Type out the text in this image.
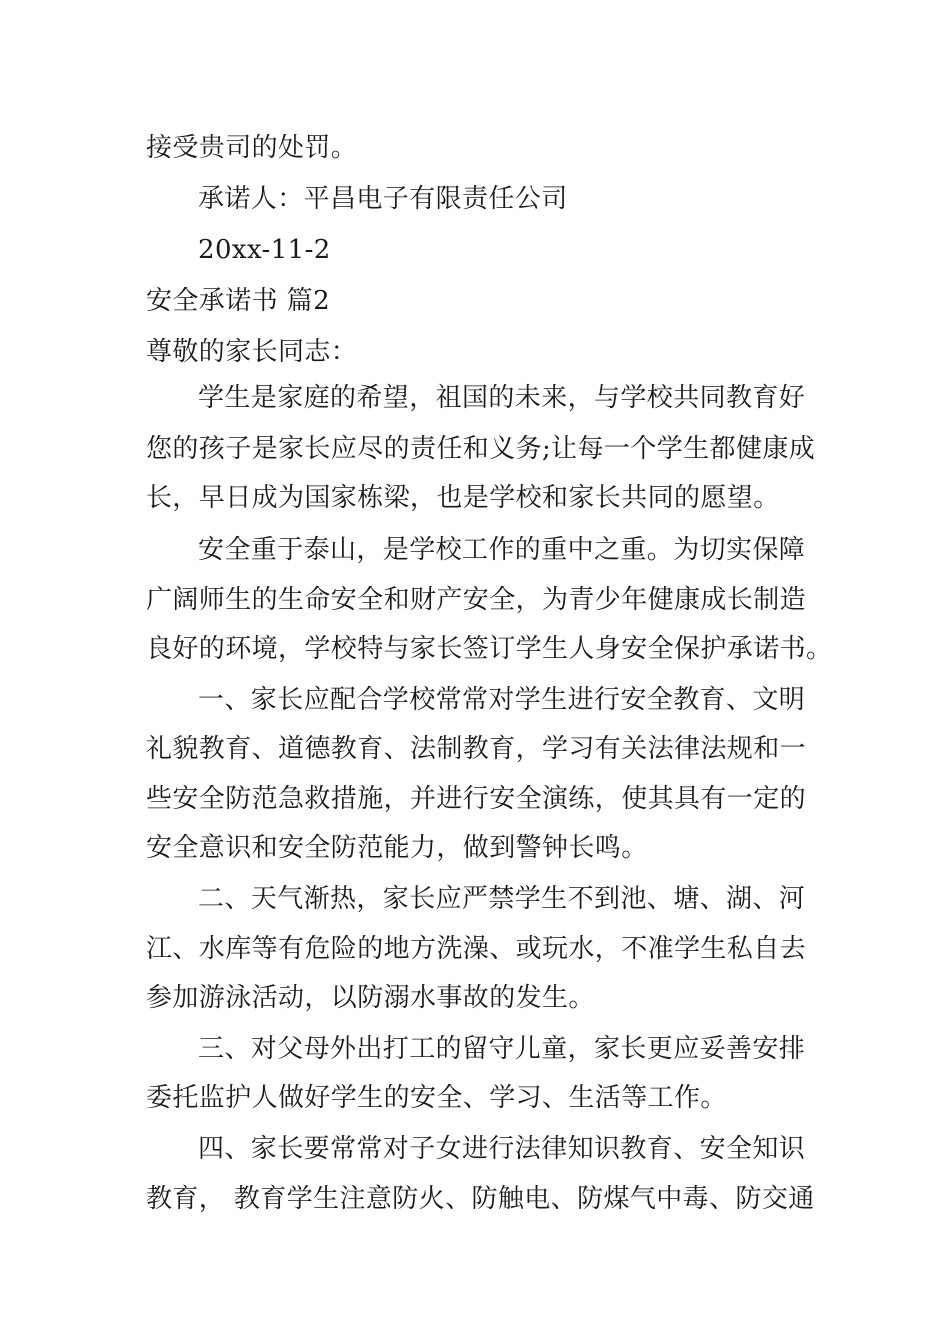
接受贵司的处罚。
承诺人：平昌电子有限责任公司
20xx-11-2
安全承诺书 篇2
尊敬的家长同志：
学生是家庭的希望，祖国的未来，与学校共同教育好
您的孩子是家长应尽的责任和义务;让每一个学生都健康成
长，早日成为国家栋梁，也是学校和家长共同的愿望。
安全重于泰山，是学校工作的重中之重。为切实保障
广阔师生的生命安全和财产安全，为青少年健康成长制造
良好的环境，学校特与家长签订学生人身安全保护承诺书。
一、家长应配合学校常常对学生进行安全教育、文明
礼貌教育、道德教育、法制教育，学习有关法律法规和一
些安全防范急救措施，并进行安全演练，使其具有一定的
安全意识和安全防范能力，做到警钟长鸣。
二、天气渐热，家长应严禁学生不到池、塘、湖、河
江、水库等有危险的地方洗澡、或玩水，不准学生私自去
参加游泳活动，以防溺水事故的发生。
三、对父母外出打工的留守儿童，家长更应妥善安排
委托监护人做好学生的安全、学习、生活等工作。
四、家长要常常对子女进行法律知识教育、安全知识
教育， 教育学生注意防火、防触电、防煤气中毒、防交通
